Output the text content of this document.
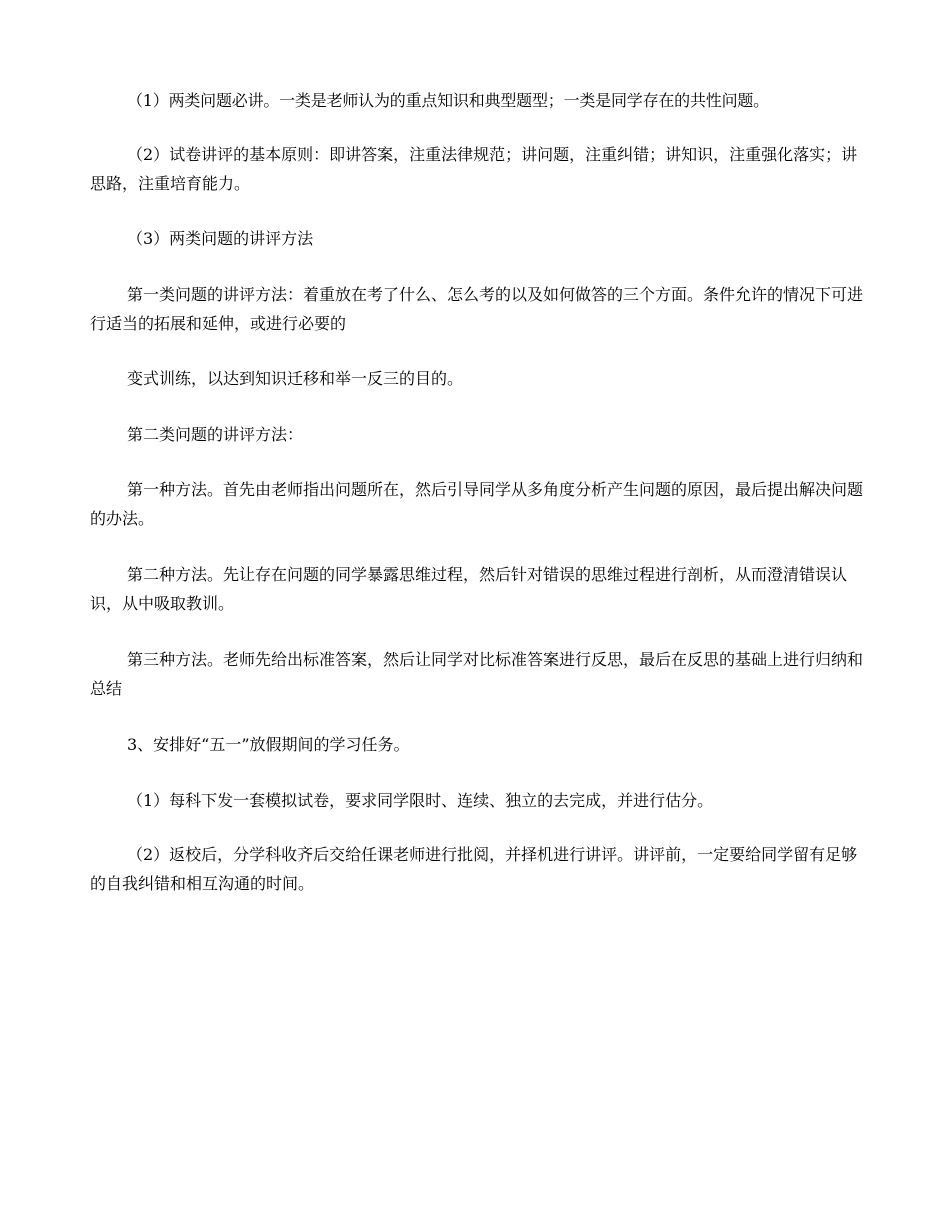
（1）两类问题必讲。一类是老师认为的重点知识和典型题型；一类是同学存在的共性问题。

（2）试卷讲评的基本原则：即讲答案，注重法律规范；讲问题，注重纠错；讲知识，注重强化落实；讲思路，注重培育能力。

（3）两类问题的讲评方法

第一类问题的讲评方法：着重放在考了什么、怎么考的以及如何做答的三个方面。条件允许的情况下可进行适当的拓展和延伸，或进行必要的

变式训练，以达到知识迁移和举一反三的目的。

第二类问题的讲评方法：

第一种方法。首先由老师指出问题所在，然后引导同学从多角度分析产生问题的原因，最后提出解决问题的办法。

第二种方法。先让存在问题的同学暴露思维过程，然后针对错误的思维过程进行剖析，从而澄清错误认识，从中吸取教训。

第三种方法。老师先给出标准答案，然后让同学对比标准答案进行反思，最后在反思的基础上进行归纳和总结

3、安排好“五一”放假期间的学习任务。

（1）每科下发一套模拟试卷，要求同学限时、连续、独立的去完成，并进行估分。

（2）返校后，分学科收齐后交给任课老师进行批阅，并择机进行讲评。讲评前，一定要给同学留有足够的自我纠错和相互沟通的时间。
